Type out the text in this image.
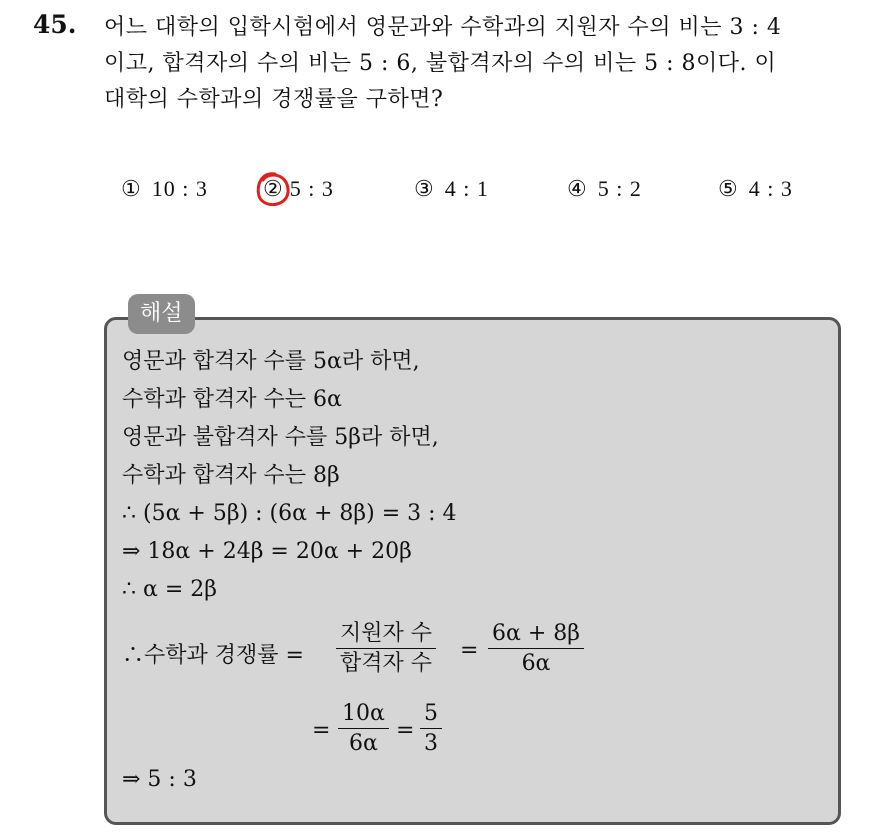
45. 어느 대학의 입학시험에서 영문과와 수학과의 지원자 수의 비는 3 : 4
이고, 합격자의 수의 비는 5 : 6, 불합격자의 수의 비는 5 : 8이다. 이
대학의 수학과의 경쟁률을 구하면?
① 10 : 3	② 5 : 3	③ 4 : 1	④ 5 : 2	⑤ 4 : 3
해설
영문과 합격자 수를 5α라 하면,
수학과 합격자 수는 6α
영문과 불합격자 수를 5β라 하면,
수학과 합격자 수는 8β
∴ (5α + 5β) : (6α + 8β) = 3 : 4
⇒ 18α + 24β = 20α + 20β
∴ α = 2β
∴수학과 경쟁률 =
지원자 수
합격자 수
= $\frac{6\alpha + 8\beta}{6\alpha}$
= $\frac{10\alpha}{6\alpha} = \frac{5}{3}$
⇒ 5 : 3
